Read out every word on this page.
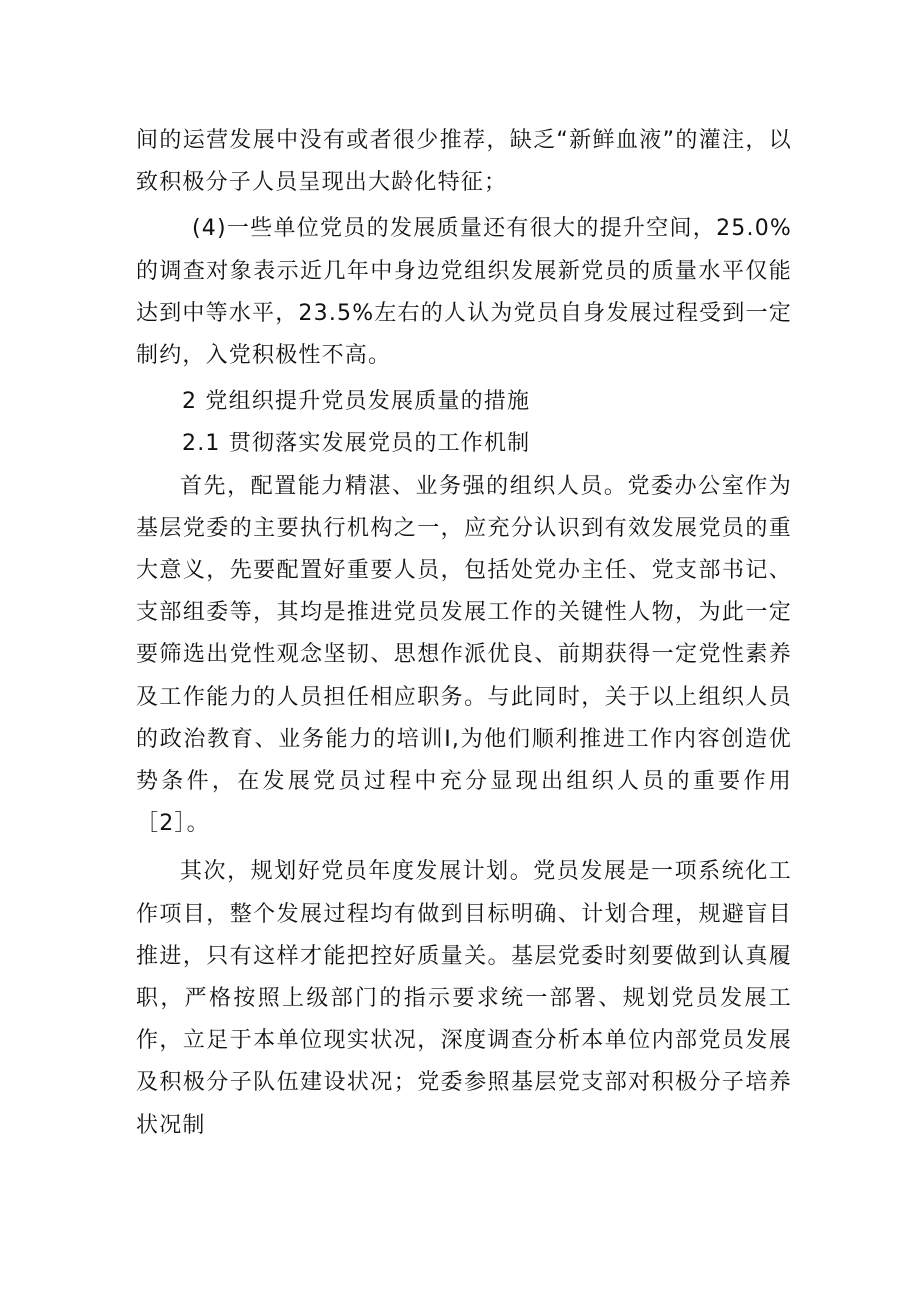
间的运营发展中没有或者很少推荐，缺乏“新鲜血液”的灌注，以致积极分子人员呈现出大龄化特征；

(4)一些单位党员的发展质量还有很大的提升空间，25.0%的调查对象表示近几年中身边党组织发展新党员的质量水平仅能达到中等水平，23.5%左右的人认为党员自身发展过程受到一定制约，入党积极性不高。

2 党组织提升党员发展质量的措施

2.1 贯彻落实发展党员的工作机制

首先，配置能力精湛、业务强的组织人员。党委办公室作为基层党委的主要执行机构之一，应充分认识到有效发展党员的重大意义，先要配置好重要人员，包括处党办主任、党支部书记、支部组委等，其均是推进党员发展工作的关键性人物，为此一定要筛选出党性观念坚韧、思想作派优良、前期获得一定党性素养及工作能力的人员担任相应职务。与此同时，关于以上组织人员的政治教育、业务能力的培训I,为他们顺利推进工作内容创造优势条件，在发展党员过程中充分显现出组织人员的重要作用［2］。

其次，规划好党员年度发展计划。党员发展是一项系统化工作项目，整个发展过程均有做到目标明确、计划合理，规避盲目推进，只有这样才能把控好质量关。基层党委时刻要做到认真履职，严格按照上级部门的指示要求统一部署、规划党员发展工作，立足于本单位现实状况，深度调查分析本单位内部党员发展及积极分子队伍建设状况；党委参照基层党支部对积极分子培养状况制
